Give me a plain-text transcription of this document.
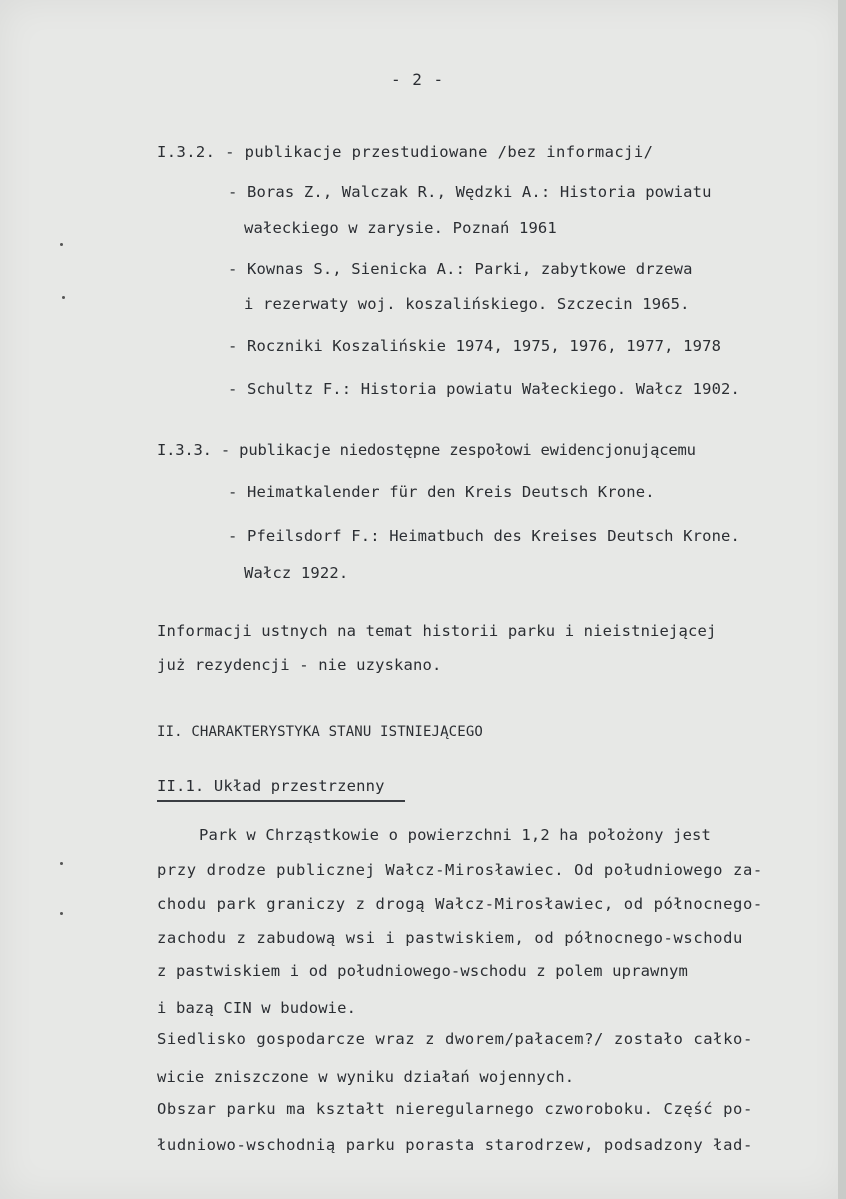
- 2 -
I.3.2. - publikacje przestudiowane /bez informacji/
- Boras Z., Walczak R., Wędzki A.: Historia powiatu
wałeckiego w zarysie. Poznań 1961
- Kownas S., Sienicka A.: Parki, zabytkowe drzewa
i rezerwaty woj. koszalińskiego. Szczecin 1965.
- Roczniki Koszalińskie 1974, 1975, 1976, 1977, 1978
- Schultz F.: Historia powiatu Wałeckiego. Wałcz 1902.
I.3.3. - publikacje niedostępne zespołowi ewidencjonującemu
- Heimatkalender für den Kreis Deutsch Krone.
- Pfeilsdorf F.: Heimatbuch des Kreises Deutsch Krone.
Wałcz 1922.
Informacji ustnych na temat historii parku i nieistniejącej
już rezydencji - nie uzyskano.
II. CHARAKTERYSTYKA STANU ISTNIEJĄCEGO
II.1. Układ przestrzenny
Park w Chrząstkowie o powierzchni 1,2 ha położony jest
przy drodze publicznej Wałcz-Mirosławiec. Od południowego za-
chodu park graniczy z drogą Wałcz-Mirosławiec, od północnego-
zachodu z zabudową wsi i pastwiskiem, od północnego-wschodu
z pastwiskiem i od południowego-wschodu z polem uprawnym
i bazą CIN w budowie.
Siedlisko gospodarcze wraz z dworem/pałacem?/ zostało całko-
wicie zniszczone w wyniku działań wojennych.
Obszar parku ma kształt nieregularnego czworoboku. Część po-
łudniowo-wschodnią parku porasta starodrzew, podsadzony ład-
